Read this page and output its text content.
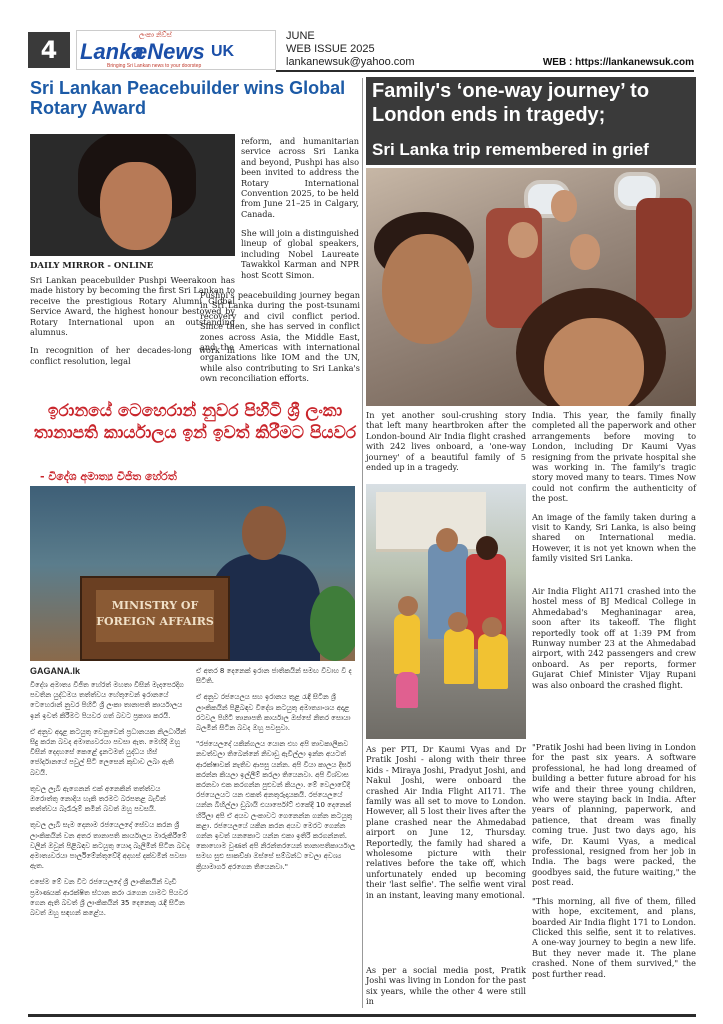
4
ලංකා නිව්ස්
Lanka
eNews UK
Bringing Sri Lankan news to your doorstep
JUNE
WEB ISSUE 2025
lankanewsuk@yahoo.com	WEB : https://lankanewsuk.com
Sri Lankan Peacebuilder wins Global Rotary Award
DAILY MIRROR - ONLINE

Sri Lankan peacebuilder Pushpi Weerakoon has made history by becoming the first Sri Lankan to receive the prestigious Rotary Alumni Global Service Award, the highest honour bestowed by Rotary International upon an outstanding alumnus.

In recognition of her decades-long work in conflict resolution, legal

reform, and humanitarian service across Sri Lanka and beyond, Pushpi has also been invited to address the Rotary International Convention 2025, to be held from June 21–25 in Calgary, Canada.

She will join a distinguished lineup of global speakers, including Nobel Laureate Tawakkol Karman and NPR host Scott Simon.

Pushpi's peacebuilding journey began in Sri Lanka during the post-tsunami recovery and civil conflict period. Since then, she has served in conflict zones across Asia, the Middle East, and the Americas with international organizations like IOM and the UN, while also contributing to Sri Lanka's own reconciliation efforts.

ඉරානයේ ටෙහෙරාන් නුවර පිහිටි ශ්‍රී ලංකා තානාපති කාර්යාලය ඉන් ඉවත් කිරීමට පියවර
- විදේශ අමාත්‍ය විජිත හේරත්
MINISTRY OF FOREIGN AFFAIRS
GAGANA.lk

විදේශ අමාත්‍ය විජිත හේරත් මහතා විසින් මැදපෙරදිග පවතින යුද්ධමය තත්ත්වය හේතුවෙන් ඉරානයේ ටෙහෙරාන් නුවර පිහිටි ශ්‍රී ලංකා තානාපති කාර්යාලය ඉන් ඉවත් කිරීමට පියවර ගත් බවට ප්‍රකාශ කරයි.

ඒ අනුව අදාළ කටයුතු වෙනුවෙන් ප්‍රධානයක නිලධාරීන් සිදු කරන බවද අමාත්‍යවරයා පවසා ඇත. මෙහිදී ඔහු විසින් දෙදහසේ කෙළේ දැනටමත් යුද්ධය හිස් ජෝර්දානයේ පවුල් සිටි ලෙසෙන් කුඩාව ලබා ඇති බවයි.

තුවල ලැබී ඇගෙනන් එක් අනෙකින් තත්ත්වය ඔරොත්තු නොදිය හැකි තරමට බරපතළ බැවින් තත්ත්වය බැරෑරුම් කමින් බවත් ඔහු පවසයි.

තුවල ලැබී සැම දෙනාම රජයෙලදේ සේවය කරන ශ්‍රී ලාංකිකයින් වන අතර තානාපති කාර්යාලය මාරුකිරීමේ වලින් ඔවුන් පිළිබඳව කටයුතු යොදා බැලිමින් සිටින බවද අමාත්‍යවරයා පාර්ලිමේන්තුවේදී අදහස් දක්වමින් පවසා ඇත.

එසේම මේ වන විට රජයෙලදේ ශ්‍රී ලාංකිකයින් වැඩි ප්‍රමාණයක් ආරක්ෂිත ස්ථාන කරා රැගෙන යාමට පියවර ගෙන ඇති බවත් ශ්‍රී ලාංකිකයින් 35 දෙනෙකු රැඳී සිටින බවත් ඔහු සඳහන් කළේය.

ඒ අතර 8 දෙනෙක් ඉරාන ජාතිකයින් සමඟ විවාහ වී ද සිටිති.

ඒ අනුව රජයෙලය සහ ඉරානය තුළ රැඳී සිටින ශ්‍රී ලාංකිකයින් පිළිබඳව විදේශ කටයුතු අමාත්‍යාංශය අදාළ රටවල පිහිටි තානාපති කාර්යාල ඔස්සේ නිතර සොයා බලමින් සිටින බවද ඔහු පවසුවා.

"රජයෙලදේ යකින්ගලය යොන එහ අපි තාවකාලිකව නවත්වලා තිබෙන්නේ නිවාඩු ඇවිල්ලා ඉන්න අයටත් ආරක්ෂාවක් නැතිව ආපසු යන්න. අපි වියා කාලය දීර්ඝ කරන්න කියලා ඉල්ලීම් කරලා තියෙනවා. අපි විශ්වාස කරනවා එක කරගන්න පුළුවන් කියලා. මේ වෙලාවේදී රජයෙලයට යන එකත් අනතුරුදායකයි. රජයෙලයේ යන්න බිහිල්ලා ඩුබායි එයාර්පෝට් එකේදී 10 දෙනෙක් හිරිලා අපි ඒ අයව ලංකාවට ගෙනෙන්න ගන්න කටයුතු කළා. රජයෙලයේ යකින කරන අයව මෙරට ගෙන්න ගන්න ඉවත් යනකොට යන්න එකා ඉතිරි කරගන්නත්. කොහොම වුණත් අපි නිරන්තරයෙන් තානාපතිකාර්යාල සමඟ සුළු සාකච්ඡා ඔස්සේ සම්බන්ධ වෙලා අවශ්‍ය ක්‍රියාමාර්ග අරගෙන තියෙනවා."

Family's ‘one-way journey’ to London ends in tragedy;
Sri Lanka trip remembered in grief

In yet another soul-crushing story that left many heartbroken after the London-bound Air India flight crashed with 242 lives onboard, a 'one-way journey' of a beautiful family of 5 ended up in a tragedy.

India. This year, the family finally completed all the paperwork and other arrangements before moving to London, including Dr Kaumi Vyas resigning from the private hospital she was working in. The family's tragic story moved many to tears. Times Now could not confirm the authenticity of the post.

An image of the family taken during a visit to Kandy, Sri Lanka, is also being shared on International media. However, it is not yet known when the family visited Sri Lanka.

As per PTI, Dr Kaumi Vyas and Dr Pratik Joshi - along with their three kids - Miraya Joshi, Pradyut Joshi, and Nakul Joshi, were onboard the crashed Air India Flight AI171. The family was all set to move to London. However, all 5 lost their lives after the plane crashed near the Ahmedabad airport on June 12, Thursday. Reportedly, the family had shared a wholesome picture with their relatives before the take off, which unfortunately ended up becoming their 'last selfie'. The selfie went viral in an instant, leaving many emotional.

As per a social media post, Pratik Joshi was living in London for the past six years, while the other 4 were still in

Air India Flight AI171 crashed into the hostel mess of BJ Medical College in Ahmedabad's Meghaninagar area, soon after its takeoff. The flight reportedly took off at 1:39 PM from Runway number 23 at the Ahmedabad airport, with 242 passengers and crew onboard. As per reports, former Gujarat Chief Minister Vijay Rupani was also onboard the crashed flight.

"Pratik Joshi had been living in London for the past six years. A software professional, he had long dreamed of building a better future abroad for his wife and their three young children, who were staying back in India. After years of planning, paperwork, and patience, that dream was finally coming true. Just two days ago, his wife, Dr. Kaumi Vyas, a medical professional, resigned from her job in India. The bags were packed, the goodbyes said, the future waiting," the post read.

"This morning, all five of them, filled with hope, excitement, and plans, boarded Air India flight 171 to London. Clicked this selfie, sent it to relatives. A one-way journey to begin a new life. But they never made it. The plane crashed. None of them survived," the post further read.
